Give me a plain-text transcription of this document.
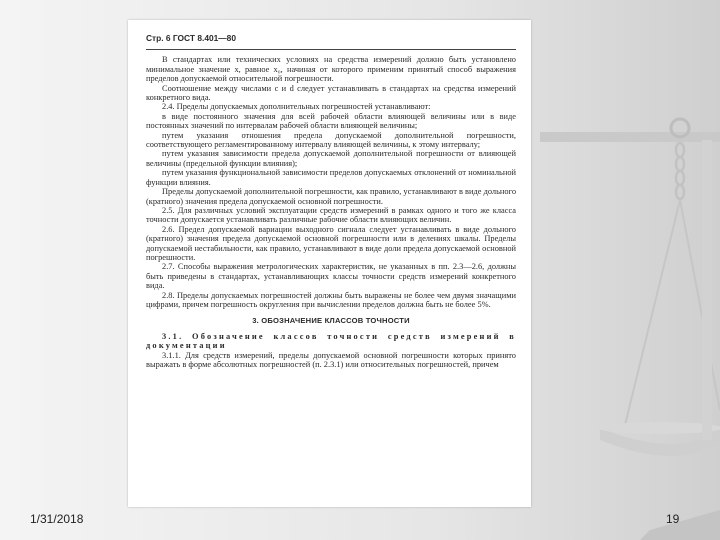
Стр. 6 ГОСТ 8.401—80

В стандартах или технических условиях на средства измерений должно быть установлено минимальное значение x, равное x₀, начиная от которого применим принятый способ выражения пределов допускаемой относительной погрешности.

Соотношение между числами c и d следует устанавливать в стандартах на средства измерений конкретного вида.

2.4. Пределы допускаемых дополнительных погрешностей устанавливают:

в виде постоянного значения для всей рабочей области влияющей величины или в виде постоянных значений по интервалам рабочей области влияющей величины;

путем указания отношения предела допускаемой дополнительной погрешности, соответствующего регламентированному интервалу влияющей величины, к этому интервалу;

путем указания зависимости предела допускаемой дополнительной погрешности от влияющей величины (предельной функции влияния);

путем указания функциональной зависимости пределов допускаемых отклонений от номинальной функции влияния.

Пределы допускаемой дополнительной погрешности, как правило, устанавливают в виде дольного (кратного) значения предела допускаемой основной погрешности.

2.5. Для различных условий эксплуатации средств измерений в рамках одного и того же класса точности допускается устанавливать различные рабочие области влияющих величин.

2.6. Предел допускаемой вариации выходного сигнала следует устанавливать в виде дольного (кратного) значения предела допускаемой основной погрешности или в делениях шкалы. Пределы допускаемой нестабильности, как правило, устанавливают в виде доли предела допускаемой основной погрешности.

2.7. Способы выражения метрологических характеристик, не указанных в пп. 2.3—2.6, должны быть приведены в стандартах, устанавливающих классы точности средств измерений конкретного вида.

2.8. Пределы допускаемых погрешностей должны быть выражены не более чем двумя значащими цифрами, причем погрешность округления при вычислении пределов должна быть не более 5%.

3. ОБОЗНАЧЕНИЕ КЛАССОВ ТОЧНОСТИ

3.1. Обозначение классов точности средств измерений в документации

3.1.1. Для средств измерений, пределы допускаемой основной погрешности которых принято выражать в форме абсолютных погрешностей (п. 2.3.1) или относительных погрешностей, причем

1/31/2018	19
